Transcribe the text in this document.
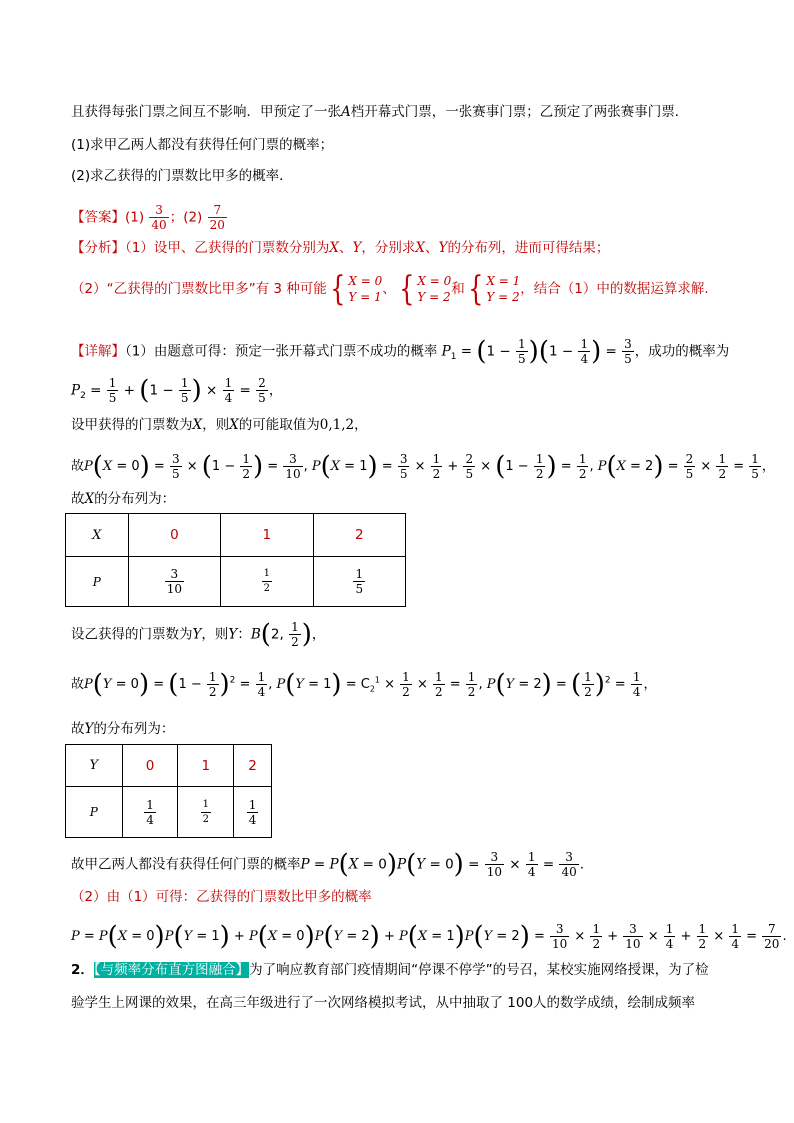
且获得每张门票之间互不影响．甲预定了一张A档开幕式门票，一张赛事门票；乙预定了两张赛事门票．
(1)求甲乙两人都没有获得任何门票的概率；
(2)求乙获得的门票数比甲多的概率．
【答案】$(1) \frac{3}{40}$ ；$(2) \frac{7}{20}$
【分析】（1）设甲、乙获得的门票数分别为X、Y，分别求X、Y的分布列，进而可得结果；
（2）“乙获得的门票数比甲多”有 3 种可能{ X = 0
Y = 1 、{ X = 0
Y = 2 和{ X = 1
Y = 2 ，结合（1）中的数据运算求解.
【详解】（1）由题意可得：预定一张开幕式门票不成功的概率 $P_1 = (1 - \frac{1}{5} )(1 - \frac{1}{4}$ ) = $\frac{3}{5}$ ，成功的概率为
$P_2 = \frac{1}{5} + (1 - \frac{1}{5}$ ) × $\frac{1}{4} = \frac{2}{5}$ ，
设甲获得的门票数为X，则X的可能取值为0,1,2，
故$P(X = 0) = \frac{3}{5} \times (1 - \frac{1}{2}$ ) = $\frac{3}{10}$ , $P(X = 1) = \frac{3}{5} \times \frac{1}{2} + \frac{2}{5} \times (1 - \frac{1}{2}$ ) = $\frac{1}{2}$ , $P(X = 2) = \frac{2}{5} \times \frac{1}{2} = \frac{1}{5}$ ，
故X的分布列为：
X	0	1	2
P	$\frac{3}{10}$	$\frac{1}{2}$	$\frac{1}{5}$
设乙获得的门票数为Y，则Y：B(2, $\frac{1}{2}$ )，
故$P(Y = 0) = (1 - \frac{1}{2} )^2 = \frac{1}{4}$ , $P(Y = 1) = C_2^1 \times \frac{1}{2} \times \frac{1}{2} = \frac{1}{2}$ , P(Y = 2) = ( $\frac{1}{2} )^2 = \frac{1}{4}$ ，
故Y的分布列为：
Y	0	1	2
P	$\frac{1}{4}$	$\frac{1}{2}$	$\frac{1}{4}$
故甲乙两人都没有获得任何门票的概率$P = P(X = 0)P(Y = 0) = \frac{3}{10} \times \frac{1}{4} = \frac{3}{40}$ .
（2）由（1）可得：乙获得的门票数比甲多的概率
$P = P(X = 0)P(Y = 1) + P(X = 0)P(Y = 2) + P(X = 1)P(Y = 2) = \frac{3}{10} \times \frac{1}{2} + \frac{3}{10} \times \frac{1}{4} + \frac{1}{2} \times \frac{1}{4} = \frac{7}{20}$ .
2．【与频率分布直方图融合】为了响应教育部门疫情期间“停课不停学”的号召，某校实施网络授课，为了检
验学生上网课的效果，在高三年级进行了一次网络模拟考试，从中抽取了 100人的数学成绩，绘制成频率
